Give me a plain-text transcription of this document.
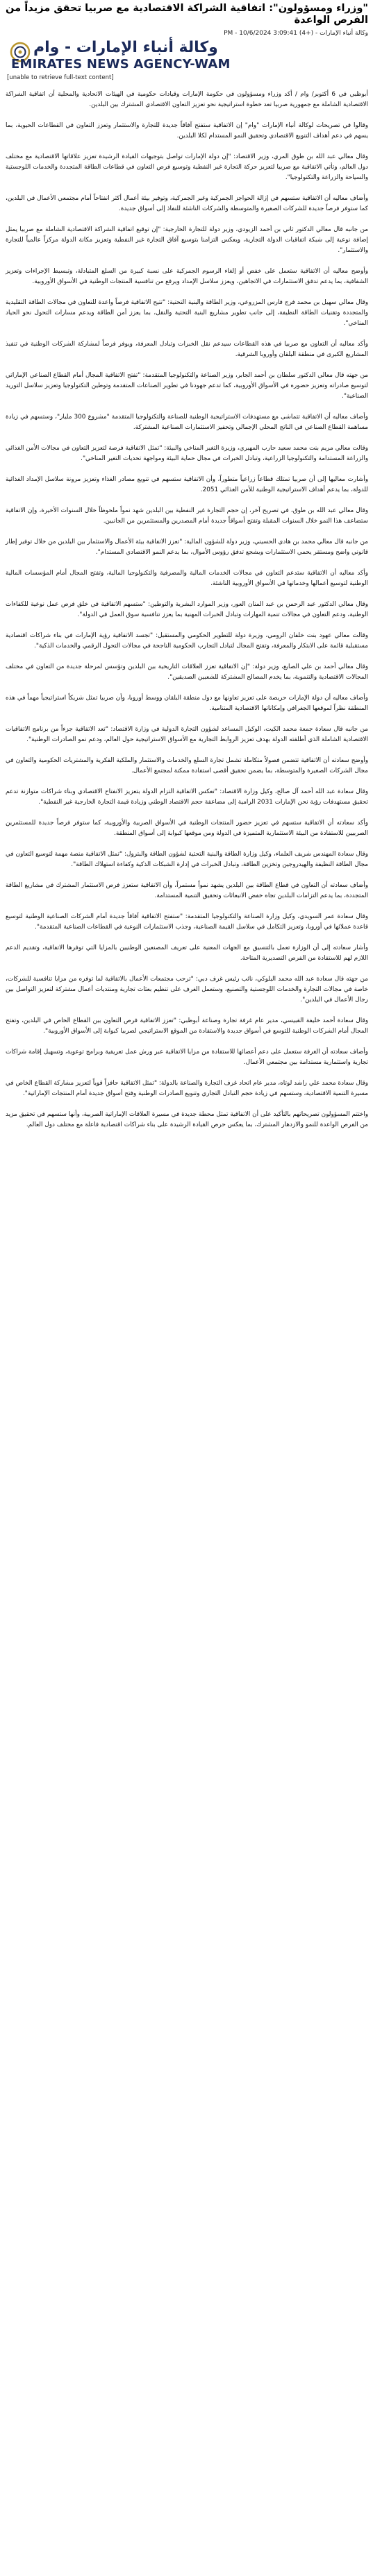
"وزراء ومسؤولون": اتفاقية الشراكة الاقتصادية مع صربيا تحقق مزيداً من الفرص الواعدة
وكالة أنباء الإمارات - (+4) 3:09:41 PM - 10/6/2024
وكالة أنباء الإمارات - وام
EMIRATES NEWS AGENCY-WAM
[unable to retrieve full-text content]

أبوظبي في 6 أكتوبر/ وام / أكد وزراء ومسؤولون في حكومة الإمارات وقيادات حكومية في الهيئات الاتحادية والمحلية أن اتفاقية الشراكة الاقتصادية الشاملة مع جمهورية صربيا تعد خطوة استراتيجية نحو تعزيز التعاون الاقتصادي المشترك بين البلدين.

وقالوا في تصريحات لوكالة أنباء الإمارات "وام" إن الاتفاقية ستفتح آفاقاً جديدة للتجارة والاستثمار وتعزز التعاون في القطاعات الحيوية، بما يسهم في دعم أهداف التنويع الاقتصادي وتحقيق النمو المستدام لكلا البلدين.

وقال معالي عبد الله بن طوق المري، وزير الاقتصاد: "إن دولة الإمارات تواصل بتوجيهات القيادة الرشيدة تعزيز علاقاتها الاقتصادية مع مختلف دول العالم، وتأتي الاتفاقية مع صربيا لتعزيز حركة التجارة غير النفطية وتوسيع فرص التعاون في قطاعات الطاقة المتجددة والخدمات اللوجستية والسياحة والزراعة والتكنولوجيا".

وأضاف معاليه أن الاتفاقية ستسهم في إزالة الحواجز الجمركية وغير الجمركية، وتوفير بيئة أعمال أكثر انفتاحاً أمام مجتمعي الأعمال في البلدين، كما ستوفر فرصاً جديدة للشركات الصغيرة والمتوسطة والشركات الناشئة للنفاذ إلى أسواق جديدة.

من جانبه قال معالي الدكتور ثاني بن أحمد الزيودي، وزير دولة للتجارة الخارجية: "إن توقيع اتفاقية الشراكة الاقتصادية الشاملة مع صربيا يمثل إضافة نوعية إلى شبكة اتفاقيات الدولة التجارية، ويعكس التزامنا بتوسيع آفاق التجارة غير النفطية وتعزيز مكانة الدولة مركزاً عالمياً للتجارة والاستثمار".

وأوضح معاليه أن الاتفاقية ستعمل على خفض أو إلغاء الرسوم الجمركية على نسبة كبيرة من السلع المتبادلة، وتبسيط الإجراءات وتعزيز الشفافية، بما يدعم تدفق الاستثمارات في الاتجاهين، ويعزز سلاسل الإمداد ويرفع من تنافسية المنتجات الوطنية في الأسواق الأوروبية.

وقال معالي سهيل بن محمد فرج فارس المزروعي، وزير الطاقة والبنية التحتية: "تتيح الاتفاقية فرصاً واعدة للتعاون في مجالات الطاقة التقليدية والمتجددة وتقنيات الطاقة النظيفة، إلى جانب تطوير مشاريع البنية التحتية والنقل، بما يعزز أمن الطاقة ويدعم مسارات التحول نحو الحياد المناخي".

وأكد معاليه أن التعاون مع صربيا في هذه القطاعات سيدعم نقل الخبرات وتبادل المعرفة، ويوفر فرصاً لمشاركة الشركات الوطنية في تنفيذ المشاريع الكبرى في منطقة البلقان وأوروبا الشرقية.

من جهته قال معالي الدكتور سلطان بن أحمد الجابر، وزير الصناعة والتكنولوجيا المتقدمة: "تفتح الاتفاقية المجال أمام القطاع الصناعي الإماراتي لتوسيع صادراته وتعزيز حضوره في الأسواق الأوروبية، كما تدعم جهودنا في تطوير الصناعات المتقدمة وتوطين التكنولوجيا وتعزيز سلاسل التوريد الصناعية".

وأضاف معاليه أن الاتفاقية تتماشى مع مستهدفات الاستراتيجية الوطنية للصناعة والتكنولوجيا المتقدمة "مشروع 300 مليار"، وستسهم في زيادة مساهمة القطاع الصناعي في الناتج المحلي الإجمالي وتحفيز الاستثمارات الصناعية المشتركة.

وقالت معالي مريم بنت محمد سعيد حارب المهيري، وزيرة التغير المناخي والبيئة: "تمثل الاتفاقية فرصة لتعزيز التعاون في مجالات الأمن الغذائي والزراعة المستدامة والتكنولوجيا الزراعية، وتبادل الخبرات في مجال حماية البيئة ومواجهة تحديات التغير المناخي".

وأشارت معاليها إلى أن صربيا تمتلك قطاعاً زراعياً متطوراً، وأن الاتفاقية ستسهم في تنويع مصادر الغذاء وتعزيز مرونة سلاسل الإمداد الغذائية للدولة، بما يدعم أهداف الاستراتيجية الوطنية للأمن الغذائي 2051.

وقال معالي عبد الله بن طوق، في تصريح آخر، إن حجم التجارة غير النفطية بين البلدين شهد نمواً ملحوظاً خلال السنوات الأخيرة، وإن الاتفاقية ستضاعف هذا النمو خلال السنوات المقبلة وتفتح أسواقاً جديدة أمام المصدرين والمستثمرين من الجانبين.

من جانبه قال معالي محمد بن هادي الحسيني، وزير دولة للشؤون المالية: "تعزز الاتفاقية بيئة الأعمال والاستثمار بين البلدين من خلال توفير إطار قانوني واضح ومستقر يحمي الاستثمارات ويشجع تدفق رؤوس الأموال، بما يدعم النمو الاقتصادي المستدام".

وأكد معاليه أن الاتفاقية ستدعم التعاون في مجالات الخدمات المالية والمصرفية والتكنولوجيا المالية، وتفتح المجال أمام المؤسسات المالية الوطنية لتوسيع أعمالها وخدماتها في الأسواق الأوروبية الناشئة.

وقال معالي الدكتور عبد الرحمن بن عبد المنان العور، وزير الموارد البشرية والتوطين: "ستسهم الاتفاقية في خلق فرص عمل نوعية للكفاءات الوطنية، ودعم التعاون في مجالات تنمية المهارات وتبادل الخبرات المهنية بما يعزز تنافسية سوق العمل في الدولة".

وقالت معالي عهود بنت خلفان الرومي، وزيرة دولة للتطوير الحكومي والمستقبل: "تجسد الاتفاقية رؤية الإمارات في بناء شراكات اقتصادية مستقبلية قائمة على الابتكار والمعرفة، وتفتح المجال لتبادل التجارب الحكومية الناجحة في مجالات التحول الرقمي والخدمات الذكية".

وقال معالي أحمد بن علي الصايغ، وزير دولة: "إن الاتفاقية تعزز العلاقات التاريخية بين البلدين وتؤسس لمرحلة جديدة من التعاون في مختلف المجالات الاقتصادية والتنموية، بما يخدم المصالح المشتركة للشعبين الصديقين".

وأضاف معاليه أن دولة الإمارات حريصة على تعزيز تعاونها مع دول منطقة البلقان ووسط أوروبا، وأن صربيا تمثل شريكاً استراتيجياً مهماً في هذه المنطقة نظراً لموقعها الجغرافي وإمكاناتها الاقتصادية المتنامية.

من جانبه قال سعادة جمعة محمد الكيت، الوكيل المساعد لشؤون التجارة الدولية في وزارة الاقتصاد: "تعد الاتفاقية جزءاً من برنامج الاتفاقيات الاقتصادية الشاملة الذي أطلقته الدولة بهدف تعزيز الروابط التجارية مع الأسواق الاستراتيجية حول العالم، ودعم نمو الصادرات الوطنية".

وأوضح سعادته أن الاتفاقية تتضمن فصولاً متكاملة تشمل تجارة السلع والخدمات والاستثمار والملكية الفكرية والمشتريات الحكومية والتعاون في مجال الشركات الصغيرة والمتوسطة، بما يضمن تحقيق أقصى استفادة ممكنة لمجتمع الأعمال.

وقال سعادة عبد الله أحمد آل صالح، وكيل وزارة الاقتصاد: "تعكس الاتفاقية التزام الدولة بتعزيز الانفتاح الاقتصادي وبناء شراكات متوازنة تدعم تحقيق مستهدفات رؤية نحن الإمارات 2031 الرامية إلى مضاعفة حجم الاقتصاد الوطني وزيادة قيمة التجارة الخارجية غير النفطية".

وأكد سعادته أن الاتفاقية ستسهم في تعزيز حضور المنتجات الوطنية في الأسواق الصربية والأوروبية، كما ستوفر فرصاً جديدة للمستثمرين الصربيين للاستفادة من البيئة الاستثمارية المتميزة في الدولة ومن موقعها كبوابة إلى أسواق المنطقة.

وقال سعادة المهندس شريف العلماء، وكيل وزارة الطاقة والبنية التحتية لشؤون الطاقة والبترول: "تمثل الاتفاقية منصة مهمة لتوسيع التعاون في مجال الطاقة النظيفة والهيدروجين وتخزين الطاقة، وتبادل الخبرات في إدارة الشبكات الذكية وكفاءة استهلاك الطاقة".

وأضاف سعادته أن التعاون في قطاع الطاقة بين البلدين يشهد نمواً مستمراً، وأن الاتفاقية ستعزز فرص الاستثمار المشترك في مشاريع الطاقة المتجددة، بما يدعم التزامات البلدين تجاه خفض الانبعاثات وتحقيق التنمية المستدامة.

وقال سعادة عمر السويدي، وكيل وزارة الصناعة والتكنولوجيا المتقدمة: "ستفتح الاتفاقية آفاقاً جديدة أمام الشركات الصناعية الوطنية لتوسيع قاعدة عملائها في أوروبا، وتعزيز التكامل في سلاسل القيمة الصناعية، وجذب الاستثمارات النوعية في القطاعات الصناعية المتقدمة".

وأشار سعادته إلى أن الوزارة تعمل بالتنسيق مع الجهات المعنية على تعريف المصنعين الوطنيين بالمزايا التي توفرها الاتفاقية، وتقديم الدعم اللازم لهم للاستفادة من الفرص التصديرية المتاحة.

من جهته قال سعادة عبد الله محمد البلوكي، نائب رئيس غرف دبي: "ترحب مجتمعات الأعمال بالاتفاقية لما توفره من مزايا تنافسية للشركات، خاصة في مجالات التجارة والخدمات اللوجستية والتصنيع، وستعمل الغرف على تنظيم بعثات تجارية ومنتديات أعمال مشتركة لتعزيز التواصل بين رجال الأعمال في البلدين".

وقال سعادة أحمد خليفة القبيسي، مدير عام غرفة تجارة وصناعة أبوظبي: "تعزز الاتفاقية فرص التعاون بين القطاع الخاص في البلدين، وتفتح المجال أمام الشركات الوطنية للتوسع في أسواق جديدة والاستفادة من الموقع الاستراتيجي لصربيا كبوابة إلى الأسواق الأوروبية".

وأضاف سعادته أن الغرفة ستعمل على دعم أعضائها للاستفادة من مزايا الاتفاقية عبر ورش عمل تعريفية وبرامج توعوية، وتسهيل إقامة شراكات تجارية واستثمارية مستدامة بين مجتمعي الأعمال.

وقال سعادة محمد علي راشد لوتاه، مدير عام اتحاد غرف التجارة والصناعة بالدولة: "تمثل الاتفاقية حافزاً قوياً لتعزيز مشاركة القطاع الخاص في مسيرة التنمية الاقتصادية، وستسهم في زيادة حجم التبادل التجاري وتنويع الصادرات الوطنية وفتح أسواق جديدة أمام المنتجات الإماراتية".

واختتم المسؤولون تصريحاتهم بالتأكيد على أن الاتفاقية تمثل محطة جديدة في مسيرة العلاقات الإماراتية الصربية، وأنها ستسهم في تحقيق مزيد من الفرص الواعدة للنمو والازدهار المشترك، بما يعكس حرص القيادة الرشيدة على بناء شراكات اقتصادية فاعلة مع مختلف دول العالم.
